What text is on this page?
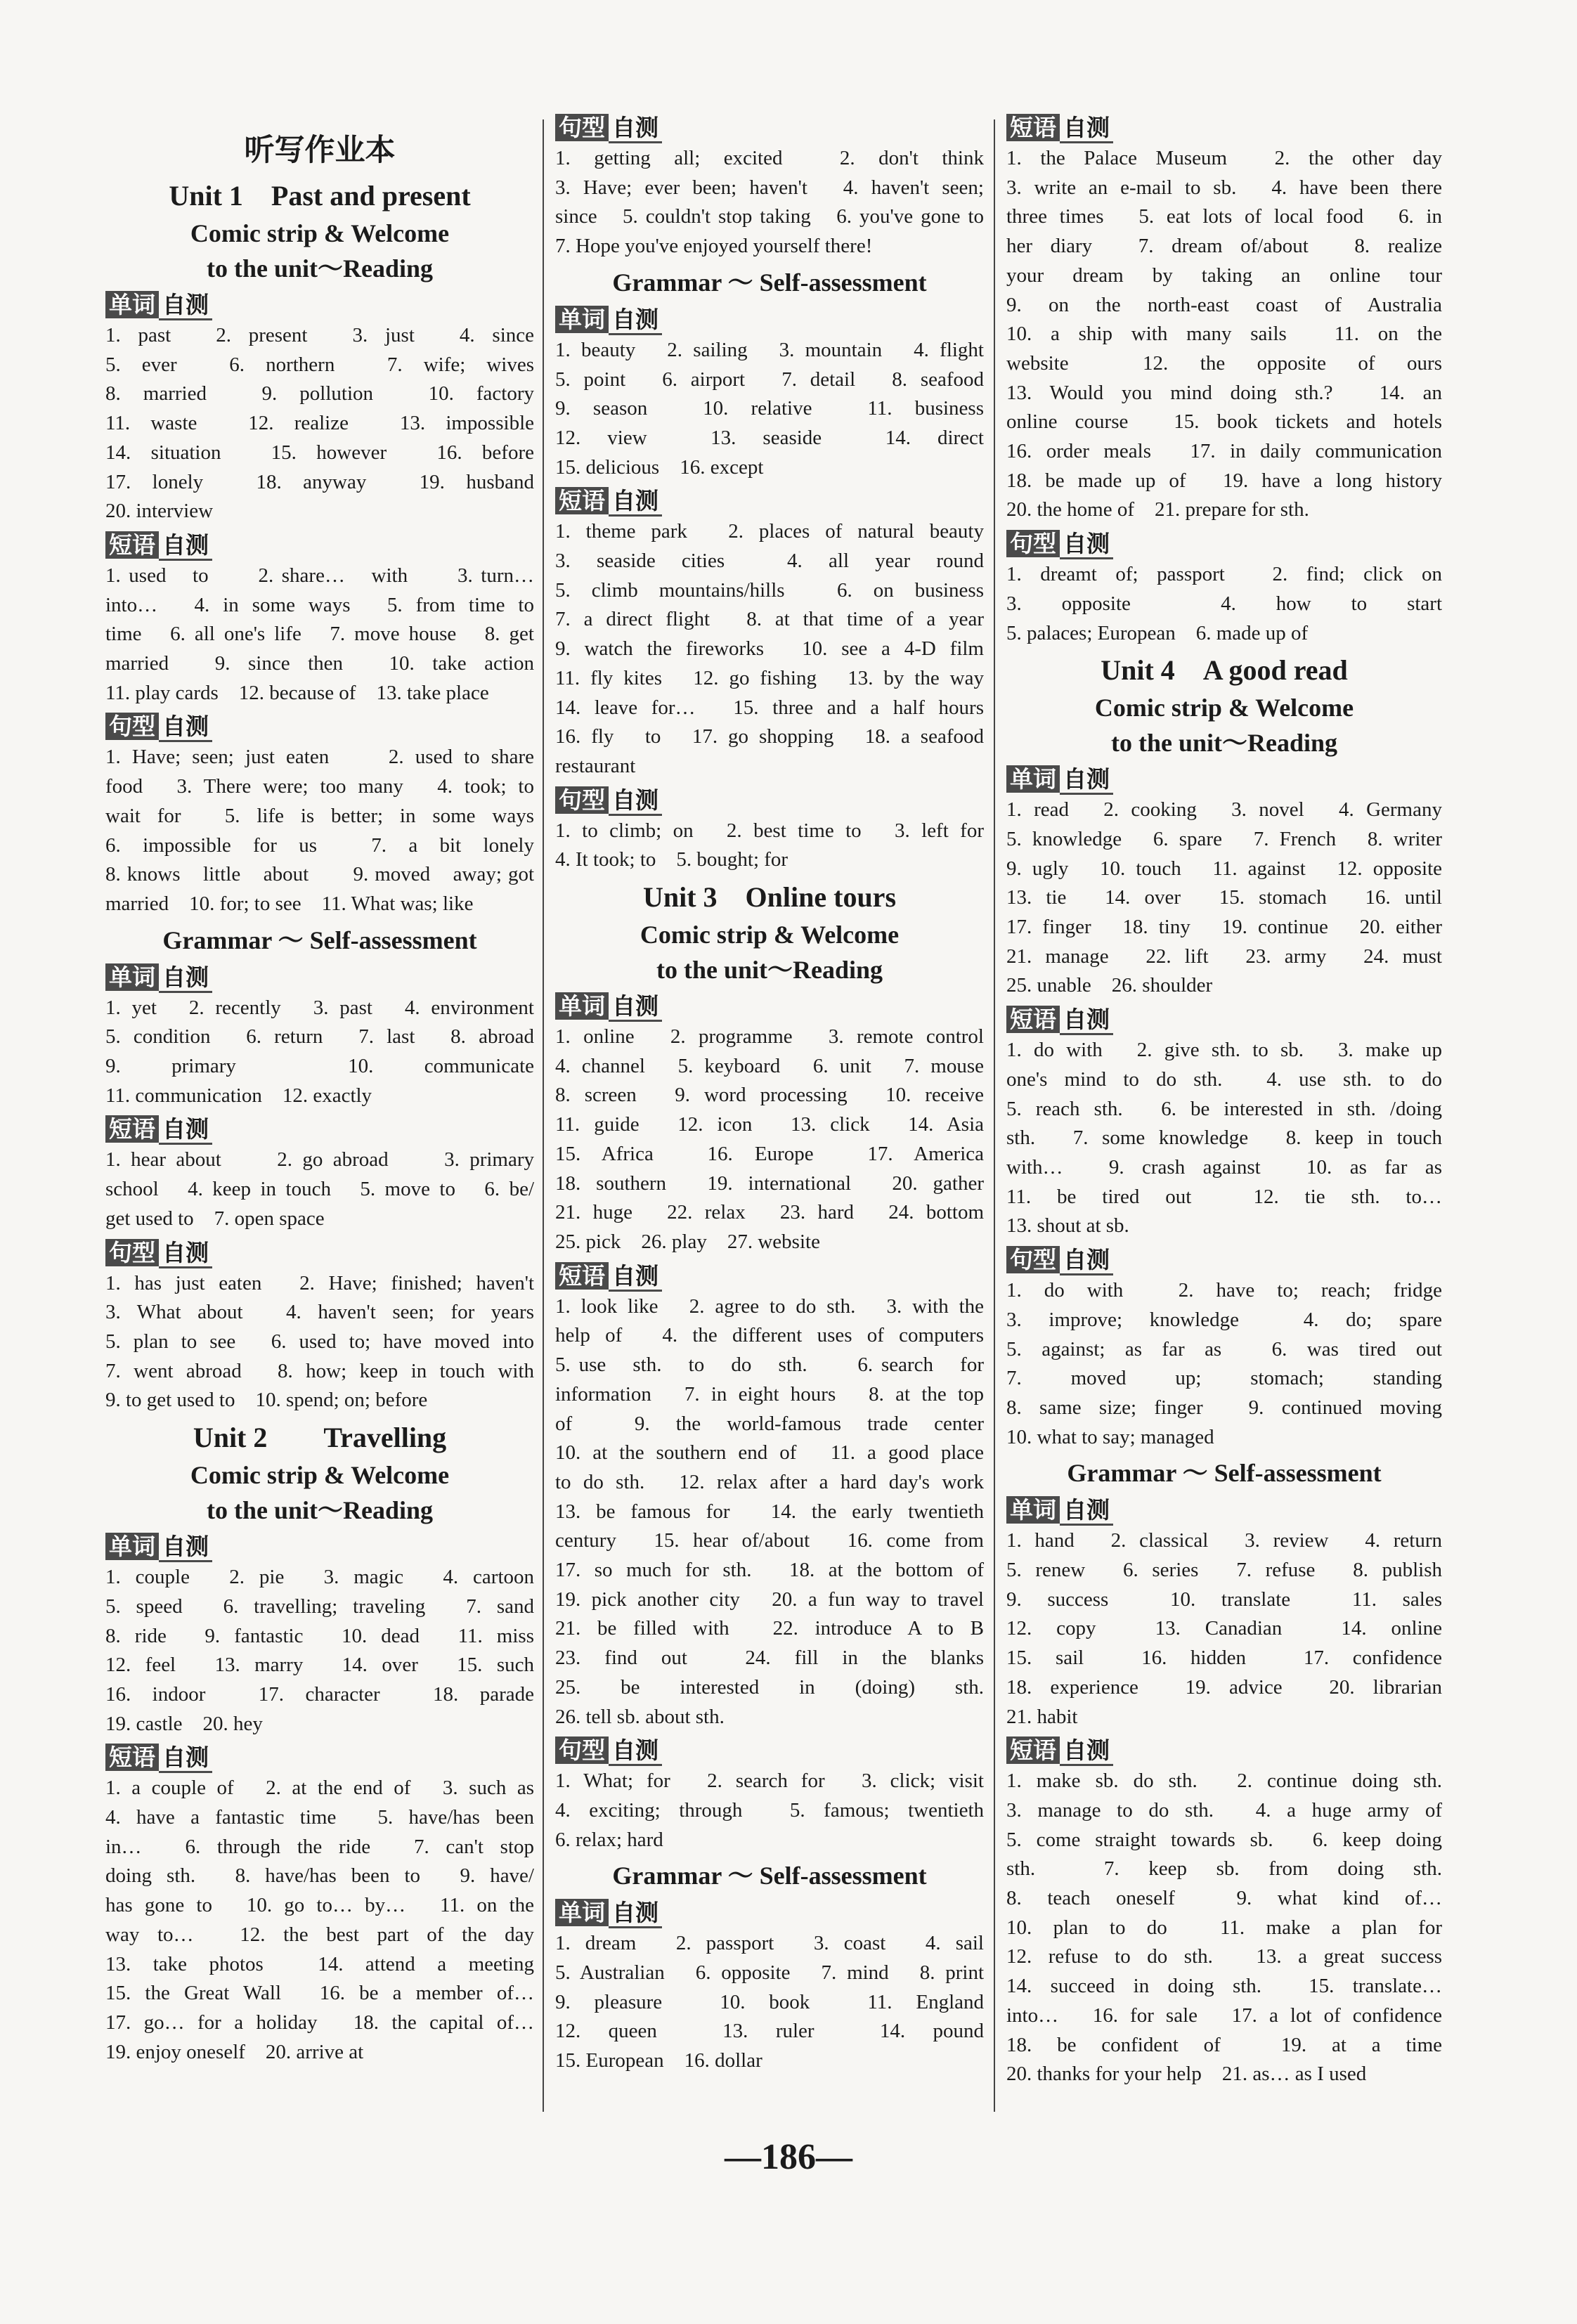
听写作业本
Unit 1　Past and present
Comic strip & Welcome
to the unit～Reading
单词 自测
1. past　2. present　3. just　4. since
5. ever　6. northern　7. wife; wives
8. married　9. pollution　10. factory
11. waste　12. realize　13. impossible
14. situation　15. however　16. before
17. lonely　18. anyway　19. husband
20. interview
短语 自测
1. used　to　　2. share…　with　　3. turn…
into…　4. in some ways　5. from time to
time　6. all one's life　7. move house　8. get
married　9. since then　10. take action
11. play cards　12. because of　13. take place
句型 自测
1. Have; seen; just eaten　　2. used to share
food　3. There were; too many　4. took; to
wait for　5. life is better; in some ways
6. impossible for us　7. a bit lonely
8. knows　little　about　　9. moved　away; got
married　10. for; to see　11. What was; like
Grammar ～ Self-assessment
单词 自测
1. yet　2. recently　3. past　4. environment
5. condition　6. return　7. last　8. abroad
9. primary　10. communicate
11. communication　12. exactly
短语 自测
1. hear about　　2. go abroad　　3. primary
school　4. keep in touch　5. move to　6. be/
get used to　7. open space
句型 自测
1. has just eaten　2. Have; finished; haven't
3. What about　4. haven't seen; for years
5. plan to see　6. used to; have moved into
7. went abroad　8. how; keep in touch with
9. to get used to　10. spend; on; before
Unit 2　　Travelling
Comic strip & Welcome
to the unit～Reading
单词 自测
1. couple　2. pie　3. magic　4. cartoon
5. speed　6. travelling; traveling　7. sand
8. ride　9. fantastic　10. dead　11. miss
12. feel　13. marry　14. over　15. such
16. indoor　17. character　18. parade
19. castle　20. hey
短语 自测
1. a couple of　2. at the end of　3. such as
4. have a fantastic time　5. have/has been
in…　6. through the ride　7. can't stop
doing sth.　8. have/has been to　9. have/
has gone to　10. go to… by…　11. on the
way to…　12. the best part of the day
13. take photos　14. attend a meeting
15. the Great Wall　16. be a member of…
17. go… for a holiday　18. the capital of…
19. enjoy oneself　20. arrive at
句型 自测
1. getting all; excited　2. don't think
3. Have; ever been; haven't　4. haven't seen;
since　5. couldn't stop taking　6. you've gone to
7. Hope you've enjoyed yourself there!
Grammar ～ Self-assessment
单词 自测
1. beauty　2. sailing　3. mountain　4. flight
5. point　6. airport　7. detail　8. seafood
9. season　10. relative　11. business
12. view　13. seaside　14. direct
15. delicious　16. except
短语 自测
1. theme park　2. places of natural beauty
3. seaside cities　4. all year round
5. climb mountains/hills　6. on business
7. a direct flight　8. at that time of a year
9. watch the fireworks　10. see a 4-D film
11. fly kites　12. go fishing　13. by the way
14. leave for…　15. three and a half hours
16. fly　to　17. go shopping　18. a seafood
restaurant
句型 自测
1. to climb; on　2. best time to　3. left for
4. It took; to　5. bought; for
Unit 3　Online tours
Comic strip & Welcome
to the unit～Reading
单词 自测
1. online　2. programme　3. remote control
4. channel　5. keyboard　6. unit　7. mouse
8. screen　9. word processing　10. receive
11. guide　12. icon　13. click　14. Asia
15. Africa　16. Europe　17. America
18. southern　19. international　20. gather
21. huge　22. relax　23. hard　24. bottom
25. pick　26. play　27. website
短语 自测
1. look like　2. agree to do sth.　3. with the
help of　4. the different uses of computers
5. use　sth.　to　do　sth.　　6. search　for
information　7. in eight hours　8. at the top
of　9. the world-famous trade center
10. at the southern end of　11. a good place
to do sth.　12. relax after a hard day's work
13. be famous for　14. the early twentieth
century　15. hear of/about　16. come from
17. so much for sth.　18. at the bottom of
19. pick another city　20. a fun way to travel
21. be filled with　22. introduce A to B
23. find out　24. fill in the blanks
25. be interested in (doing) sth.
26. tell sb. about sth.
句型 自测
1. What; for　2. search for　3. click; visit
4. exciting; through　5. famous; twentieth
6. relax; hard
Grammar ～ Self-assessment
单词 自测
1. dream　2. passport　3. coast　4. sail
5. Australian　6. opposite　7. mind　8. print
9. pleasure　10. book　11. England
12. queen　13. ruler　14. pound
15. European　16. dollar
短语 自测
1. the Palace Museum　2. the other day
3. write an e-mail to sb.　4. have been there
three times　5. eat lots of local food　6. in
her diary　7. dream of/about　8. realize
your dream by taking an online tour
9. on the north-east coast of Australia
10. a ship with many sails　11. on the
website　12. the opposite of ours
13. Would you mind doing sth.?　14. an
online course　15. book tickets and hotels
16. order meals　17. in daily communication
18. be made up of　19. have a long history
20. the home of　21. prepare for sth.
句型 自测
1. dreamt of; passport　2. find; click on
3. opposite　4. how to start
5. palaces; European　6. made up of
Unit 4　A good read
Comic strip & Welcome
to the unit～Reading
单词 自测
1. read　2. cooking　3. novel　4. Germany
5. knowledge　6. spare　7. French　8. writer
9. ugly　10. touch　11. against　12. opposite
13. tie　14. over　15. stomach　16. until
17. finger　18. tiny　19. continue　20. either
21. manage　22. lift　23. army　24. must
25. unable　26. shoulder
短语 自测
1. do with　2. give sth. to sb.　3. make up
one's mind to do sth.　4. use sth. to do
5. reach sth.　6. be interested in sth. /doing
sth.　7. some knowledge　8. keep in touch
with…　9. crash against　10. as far as
11. be tired out　12. tie sth. to…
13. shout at sb.
句型 自测
1. do with　2. have to; reach; fridge
3. improve; knowledge　4. do; spare
5. against; as far as　6. was tired out
7. moved up; stomach; standing
8. same size; finger　9. continued moving
10. what to say; managed
Grammar ～ Self-assessment
单词 自测
1. hand　2. classical　3. review　4. return
5. renew　6. series　7. refuse　8. publish
9. success　10. translate　11. sales
12. copy　13. Canadian　14. online
15. sail　16. hidden　17. confidence
18. experience　19. advice　20. librarian
21. habit
短语 自测
1. make sb. do sth.　2. continue doing sth.
3. manage to do sth.　4. a huge army of
5. come straight towards sb.　6. keep doing
sth.　7. keep sb. from doing sth.
8. teach oneself　9. what kind of…
10. plan to do　11. make a plan for
12. refuse to do sth.　13. a great success
14. succeed in doing sth.　15. translate…
into…　16. for sale　17. a lot of confidence
18. be confident of　19. at a time
20. thanks for your help　21. as… as I used
—186—
